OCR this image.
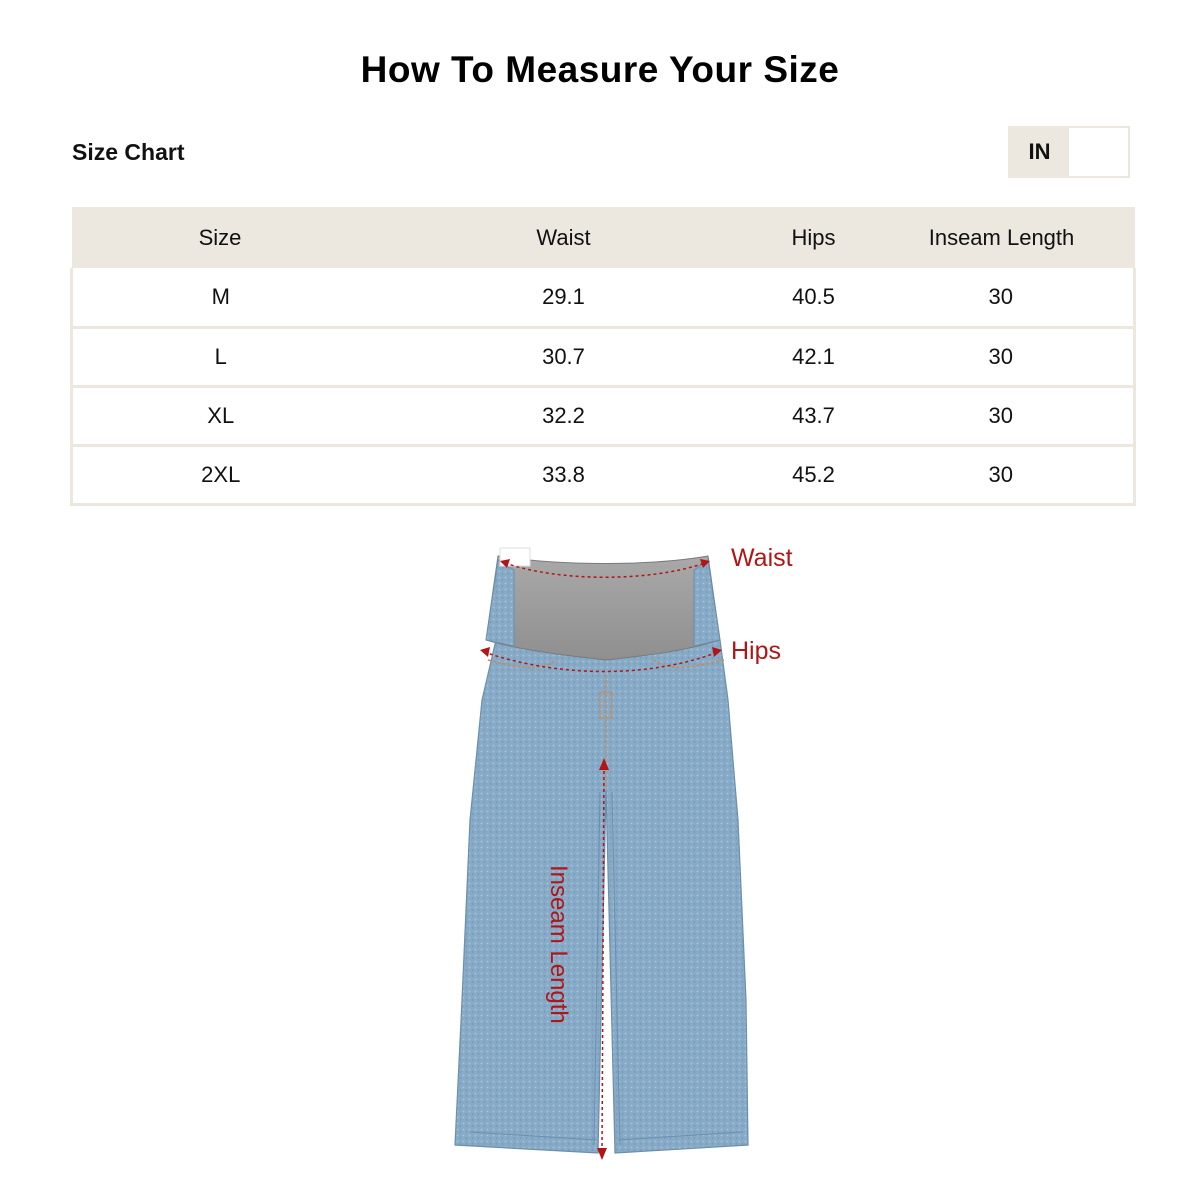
How To Measure Your Size
Size Chart	IN
Size	Waist	Hips	Inseam Length
M	29.1	40.5	30
L	30.7	42.1	30
XL	32.2	43.7	30
2XL	33.8	45.2	30
Waist
Hips
Inseam Length
